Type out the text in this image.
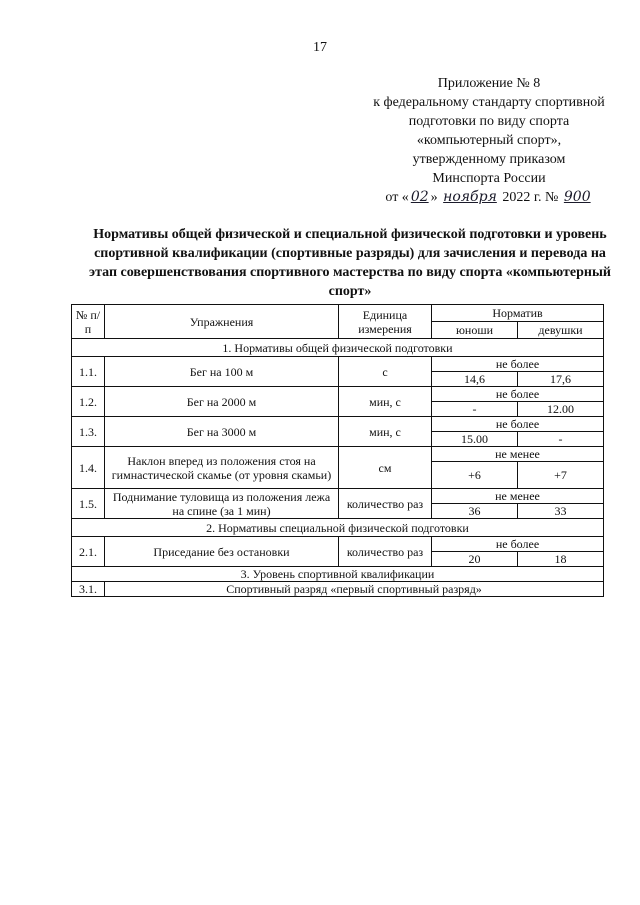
17
Приложение № 8
к федеральному стандарту спортивной
подготовки по виду спорта
«компьютерный спорт»,
утвержденному приказом
Минспорта России
от « 02 » ноября 2022 г. № 900
Нормативы общей физической и специальной физической подготовки и уровень спортивной квалификации (спортивные разряды) для зачисления и перевода на этап совершенствования спортивного мастерства по виду спорта «компьютерный спорт»
№ п/п	Упражнения	Единица измерения	Норматив	
			юноши	девушки
1. Нормативы общей физической подготовки				
1.1.	Бег на 100 м	с	не более	
			14,6	17,6
1.2.	Бег на 2000 м	мин, с	не более	
			-	12.00
1.3.	Бег на 3000 м	мин, с	не более	
			15.00	-
1.4.	Наклон вперед из положения стоя на гимнастической скамье (от уровня скамьи)	см	не менее	
			+6	+7
1.5.	Поднимание туловища из положения лежа на спине (за 1 мин)	количество раз	не менее	
			36	33
2. Нормативы специальной физической подготовки				
2.1.	Приседание без остановки	количество раз	не более	
			20	18
3. Уровень спортивной квалификации				
3.1.	Спортивный разряд «первый спортивный разряд»			
